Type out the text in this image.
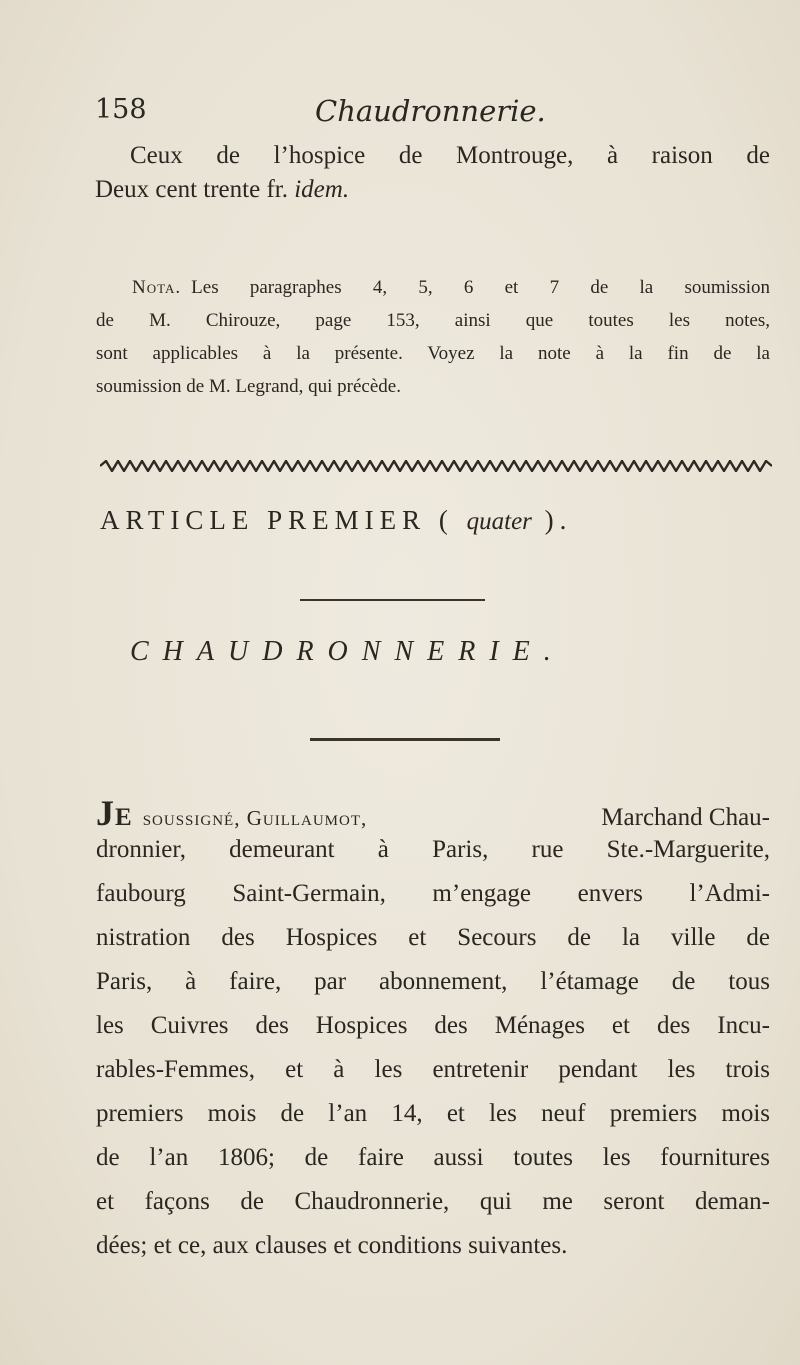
158	Chaudronnerie.
Ceux de l’hospice de Montrouge, à raison de
Deux cent trente fr. idem.
Nota. Les paragraphes 4, 5, 6 et 7 de la soumission
de M. Chirouze, page 153, ainsi que toutes les notes,
sont applicables à la présente. Voyez la note à la fin de la
soumission de M. Legrand, qui précède.
ARTICLE PREMIER ( quater ).
CHAUDRONNERIE.
Je soussigné, Guillaumot,	Marchand Chau-
dronnier, demeurant à Paris, rue Ste.-Marguerite,
faubourg Saint-Germain, m’engage envers l’Admi-
nistration des Hospices et Secours de la ville de
Paris, à faire, par abonnement, l’étamage de tous
les Cuivres des Hospices des Ménages et des Incu-
rables-Femmes, et à les entretenir pendant les trois
premiers mois de l’an 14, et les neuf premiers mois
de l’an 1806; de faire aussi toutes les fournitures
et façons de Chaudronnerie, qui me seront deman-
dées; et ce, aux clauses et conditions suivantes.
